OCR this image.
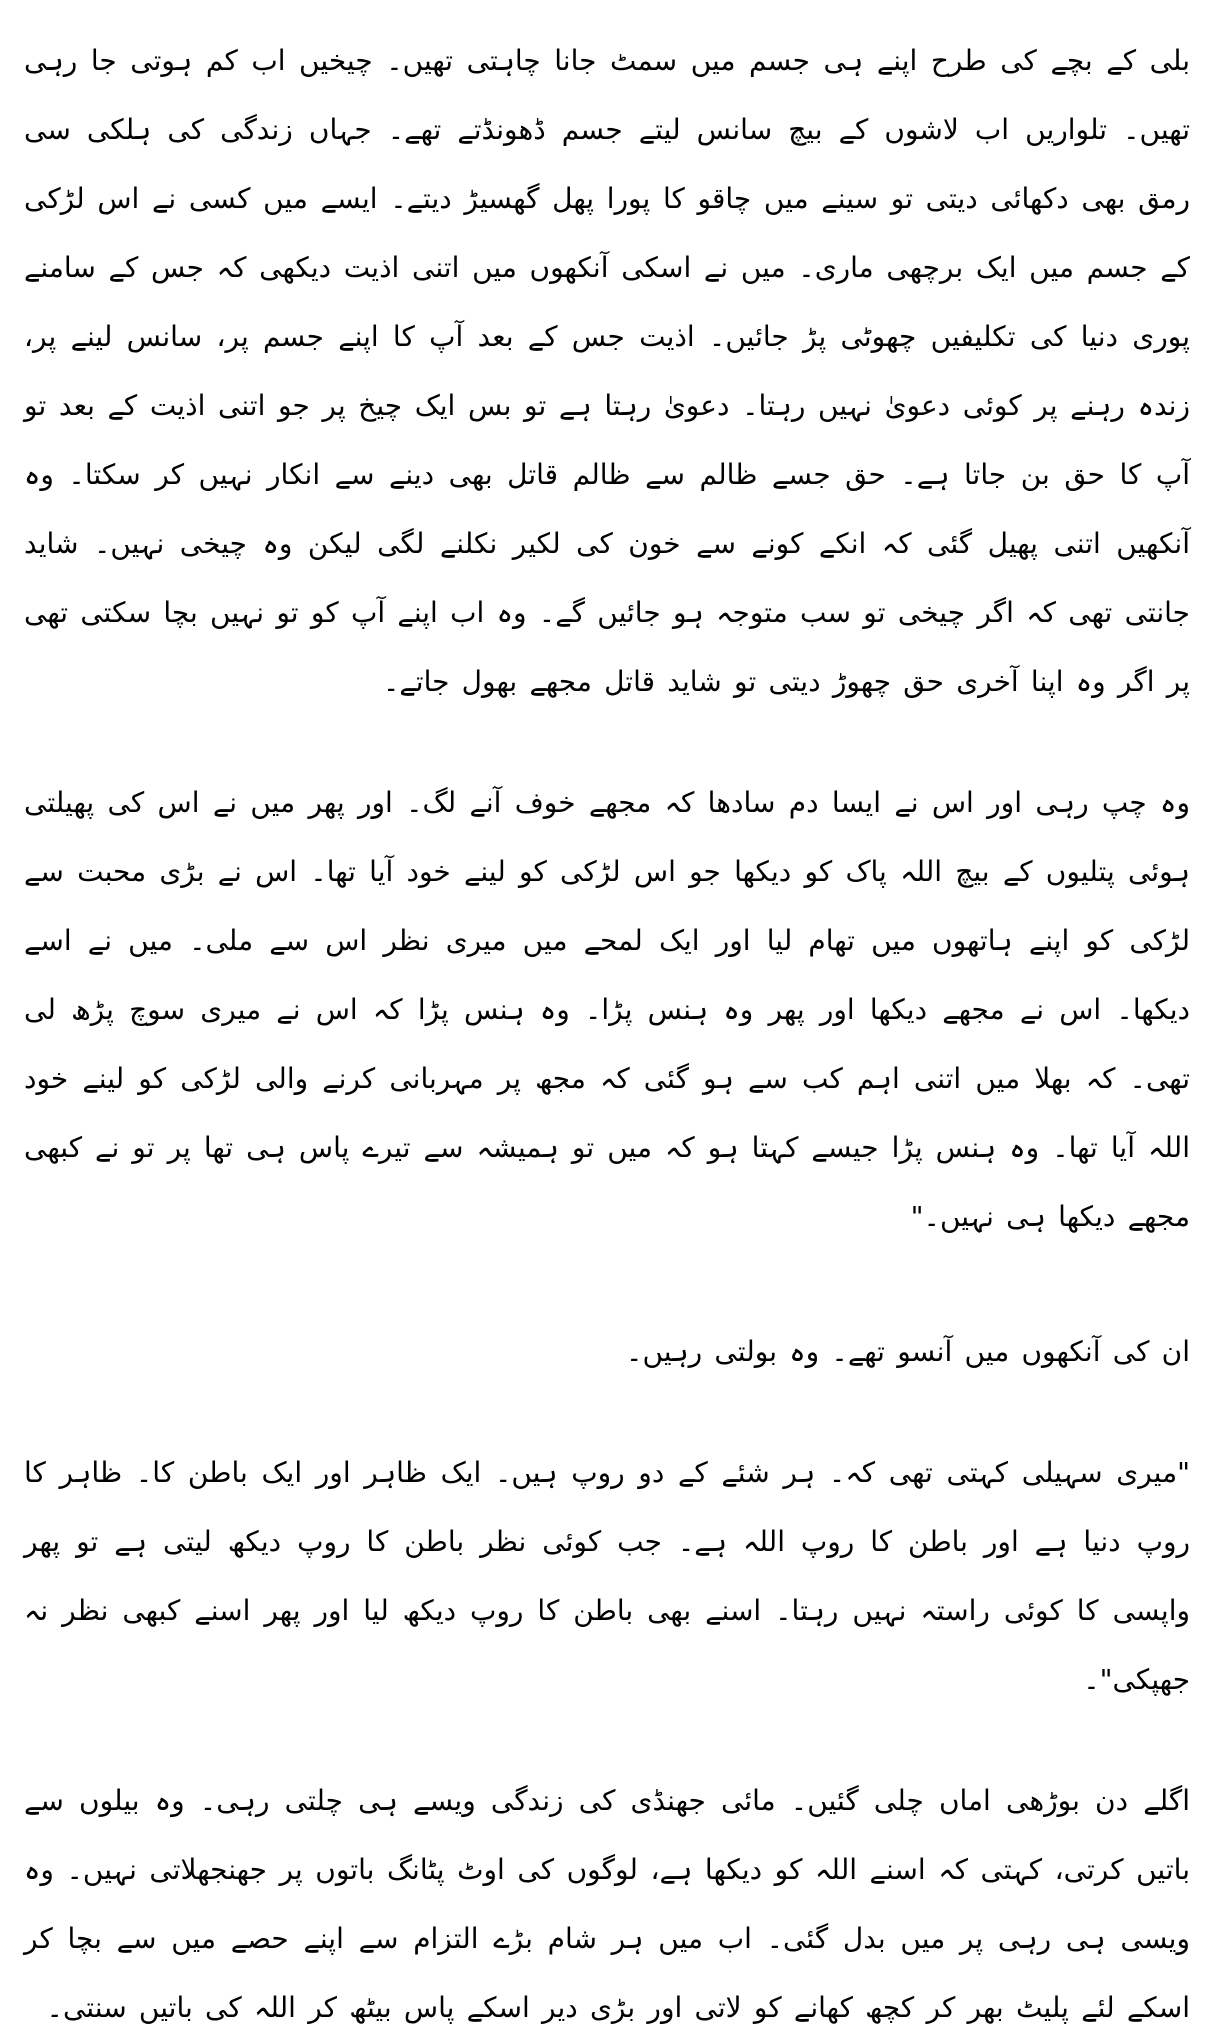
بلی کے بچے کی طرح اپنے ہی جسم میں سمٹ جانا چاہتی تھیں۔ چیخیں اب کم ہوتی جا رہی تھیں۔ تلواریں اب لاشوں کے بیچ سانس لیتے جسم ڈھونڈتے تھے۔ جہاں زندگی کی ہلکی سی رمق بھی دکھائی دیتی تو سینے میں چاقو کا پورا پھل گھسیڑ دیتے۔ ایسے میں کسی نے اس لڑکی کے جسم میں ایک برچھی ماری۔ میں نے اسکی آنکھوں میں اتنی اذیت دیکھی کہ جس کے سامنے پوری دنیا کی تکلیفیں چھوٹی پڑ جائیں۔ اذیت جس کے بعد آپ کا اپنے جسم پر، سانس لینے پر، زندہ رہنے پر کوئی دعویٰ نہیں رہتا۔ دعویٰ رہتا ہے تو بس ایک چیخ پر جو اتنی اذیت کے بعد تو آپ کا حق بن جاتا ہے۔ حق جسے ظالم سے ظالم قاتل بھی دینے سے انکار نہیں کر سکتا۔ وہ آنکھیں اتنی پھیل گئی کہ انکے کونے سے خون کی لکیر نکلنے لگی لیکن وہ چیخی نہیں۔ شاید جانتی تھی کہ اگر چیخی تو سب متوجہ ہو جائیں گے۔ وہ اب اپنے آپ کو تو نہیں بچا سکتی تھی پر اگر وہ اپنا آخری حق چھوڑ دیتی تو شاید قاتل مجھے بھول جاتے۔

وہ چپ رہی اور اس نے ایسا دم سادھا کہ مجھے خوف آنے لگ۔ اور پھر میں نے اس کی پھیلتی ہوئی پتلیوں کے بیچ اللہ پاک کو دیکھا جو اس لڑکی کو لینے خود آیا تھا۔ اس نے بڑی محبت سے لڑکی کو اپنے ہاتھوں میں تھام لیا اور ایک لمحے میں میری نظر اس سے ملی۔ میں نے اسے دیکھا۔ اس نے مجھے دیکھا اور پھر وہ ہنس پڑا۔ وہ ہنس پڑا کہ اس نے میری سوچ پڑھ لی تھی۔ کہ بھلا میں اتنی اہم کب سے ہو گئی کہ مجھ پر مہربانی کرنے والی لڑکی کو لینے خود اللہ آیا تھا۔ وہ ہنس پڑا جیسے کہتا ہو کہ میں تو ہمیشہ سے تیرے پاس ہی تھا پر تو نے کبھی مجھے دیکھا ہی نہیں۔"

ان کی آنکھوں میں آنسو تھے۔ وہ بولتی رہیں۔

"میری سہیلی کہتی تھی کہ۔ ہر شئے کے دو روپ ہیں۔ ایک ظاہر اور ایک باطن کا۔ ظاہر کا روپ دنیا ہے اور باطن کا روپ اللہ ہے۔ جب کوئی نظر باطن کا روپ دیکھ لیتی ہے تو پھر واپسی کا کوئی راستہ نہیں رہتا۔ اسنے بھی باطن کا روپ دیکھ لیا اور پھر اسنے کبھی نظر نہ جھپکی"۔

اگلے دن بوڑھی اماں چلی گئیں۔ مائی جھنڈی کی زندگی ویسے ہی چلتی رہی۔ وہ بیلوں سے باتیں کرتی، کہتی کہ اسنے اللہ کو دیکھا ہے، لوگوں کی اوٹ پٹانگ باتوں پر جھنجھلاتی نہیں۔ وہ ویسی ہی رہی پر میں بدل گئی۔ اب میں ہر شام بڑے التزام سے اپنے حصے میں سے بچا کر اسکے لئے پلیٹ بھر کر کچھ کھانے کو لاتی اور بڑی دیر اسکے پاس بیٹھ کر اللہ کی باتیں سنتی۔
